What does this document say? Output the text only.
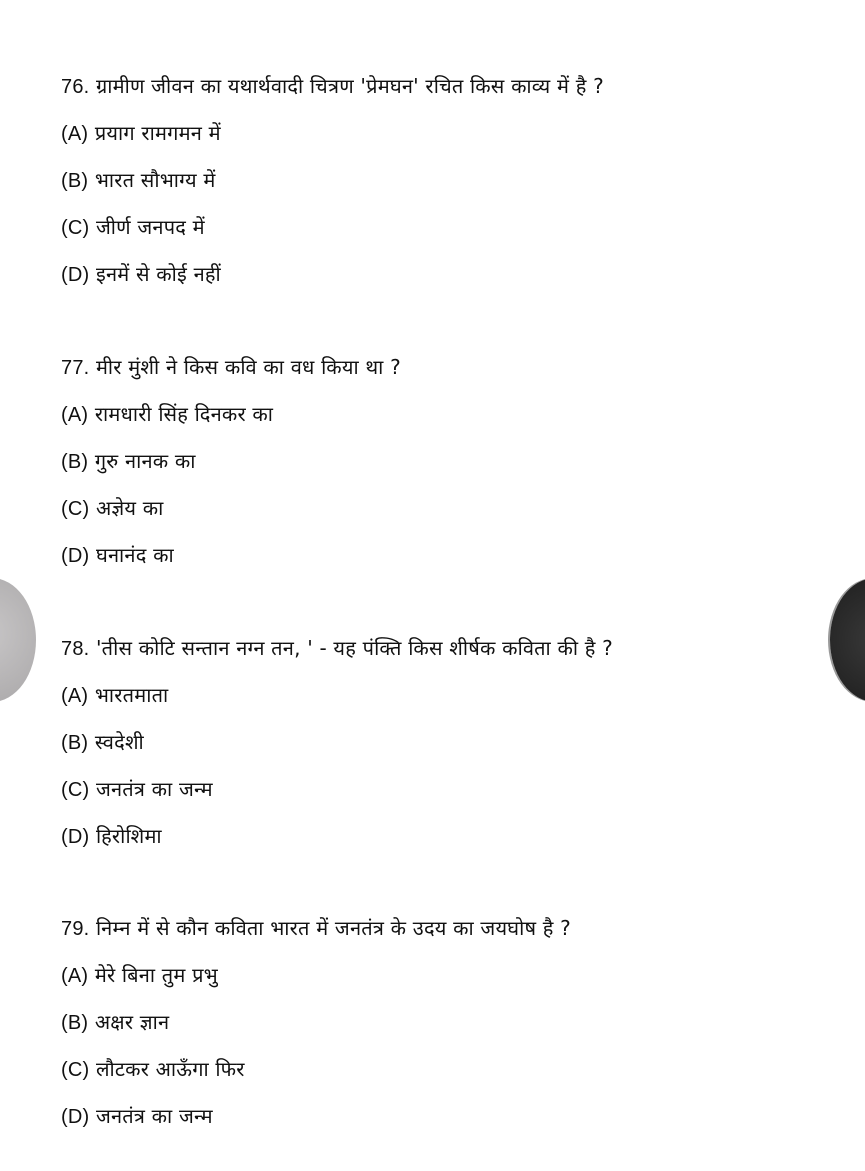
76. ग्रामीण जीवन का यथार्थवादी चित्रण 'प्रेमघन' रचित किस काव्य में है ?
(A) प्रयाग रामगमन में
(B) भारत सौभाग्य में
(C) जीर्ण जनपद में
(D) इनमें से कोई नहीं
77. मीर मुंशी ने किस कवि का वध किया था ?
(A) रामधारी सिंह दिनकर का
(B) गुरु नानक का
(C) अज्ञेय का
(D) घनानंद का
78. 'तीस कोटि सन्तान नग्न तन, ' - यह पंक्ति किस शीर्षक कविता की है ?
(A) भारतमाता
(B) स्वदेशी
(C) जनतंत्र का जन्म
(D) हिरोशिमा
79. निम्न में से कौन कविता भारत में जनतंत्र के उदय का जयघोष है ?
(A) मेरे बिना तुम प्रभु
(B) अक्षर ज्ञान
(C) लौटकर आऊँगा फिर
(D) जनतंत्र का जन्म
